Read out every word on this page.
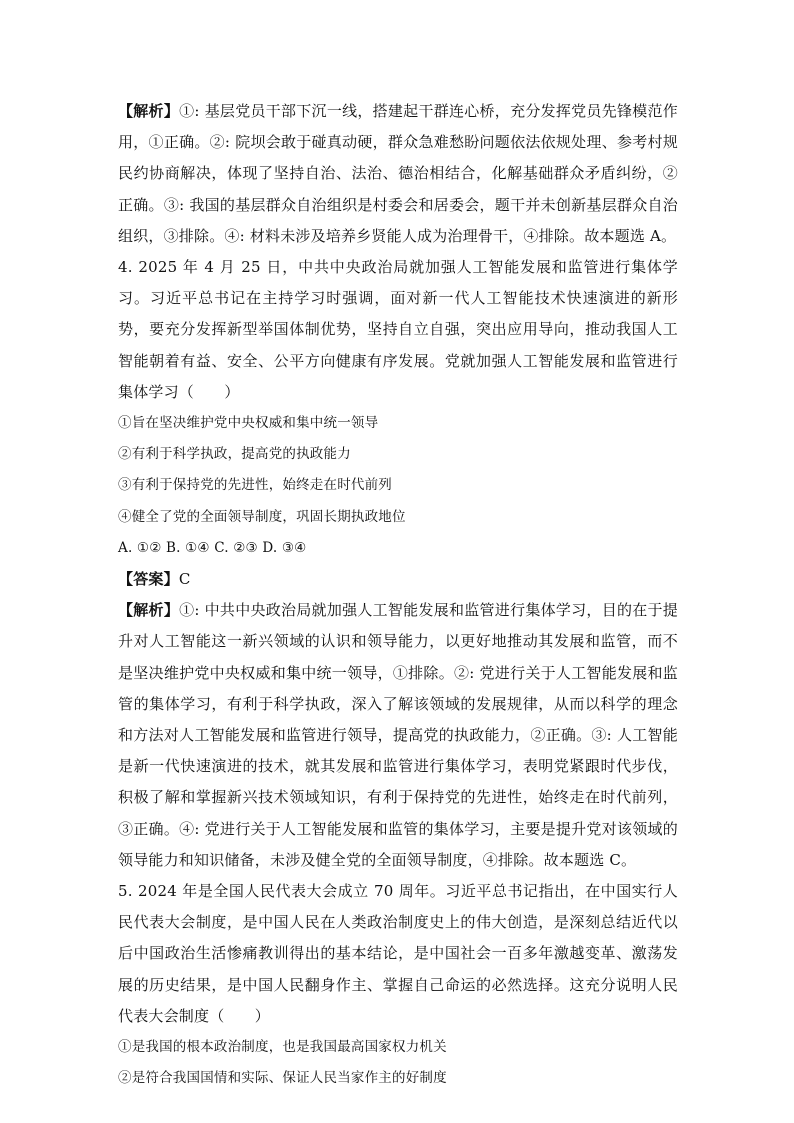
【解析】①: 基层党员干部下沉一线，搭建起干群连心桥，充分发挥党员先锋模范作用，①正确。②: 院坝会敢于碰真动硬，群众急难愁盼问题依法依规处理、参考村规民约协商解决，体现了坚持自治、法治、德治相结合，化解基础群众矛盾纠纷，②正确。③: 我国的基层群众自治组织是村委会和居委会，题干并未创新基层群众自治组织，③排除。④: 材料未涉及培养乡贤能人成为治理骨干，④排除。故本题选 A。

4. 2025 年 4 月 25 日，中共中央政治局就加强人工智能发展和监管进行集体学习。习近平总书记在主持学习时强调，面对新一代人工智能技术快速演进的新形势，要充分发挥新型举国体制优势，坚持自立自强，突出应用导向，推动我国人工智能朝着有益、安全、公平方向健康有序发展。党就加强人工智能发展和监管进行集体学习（　　）

①旨在坚决维护党中央权威和集中统一领导

②有利于科学执政，提高党的执政能力

③有利于保持党的先进性，始终走在时代前列

④健全了党的全面领导制度，巩固长期执政地位

A. ①② B. ①④ C. ②③ D. ③④

【答案】C

【解析】①: 中共中央政治局就加强人工智能发展和监管进行集体学习，目的在于提升对人工智能这一新兴领域的认识和领导能力，以更好地推动其发展和监管，而不是坚决维护党中央权威和集中统一领导，①排除。②: 党进行关于人工智能发展和监管的集体学习，有利于科学执政，深入了解该领域的发展规律，从而以科学的理念和方法对人工智能发展和监管进行领导，提高党的执政能力，②正确。③: 人工智能是新一代快速演进的技术，就其发展和监管进行集体学习，表明党紧跟时代步伐，积极了解和掌握新兴技术领域知识，有利于保持党的先进性，始终走在时代前列，③正确。④: 党进行关于人工智能发展和监管的集体学习，主要是提升党对该领域的领导能力和知识储备，未涉及健全党的全面领导制度，④排除。故本题选 C。

5. 2024 年是全国人民代表大会成立 70 周年。习近平总书记指出，在中国实行人民代表大会制度，是中国人民在人类政治制度史上的伟大创造，是深刻总结近代以后中国政治生活惨痛教训得出的基本结论，是中国社会一百多年激越变革、激荡发展的历史结果，是中国人民翻身作主、掌握自己命运的必然选择。这充分说明人民代表大会制度（　　）

①是我国的根本政治制度，也是我国最高国家权力机关

②是符合我国国情和实际、保证人民当家作主的好制度
